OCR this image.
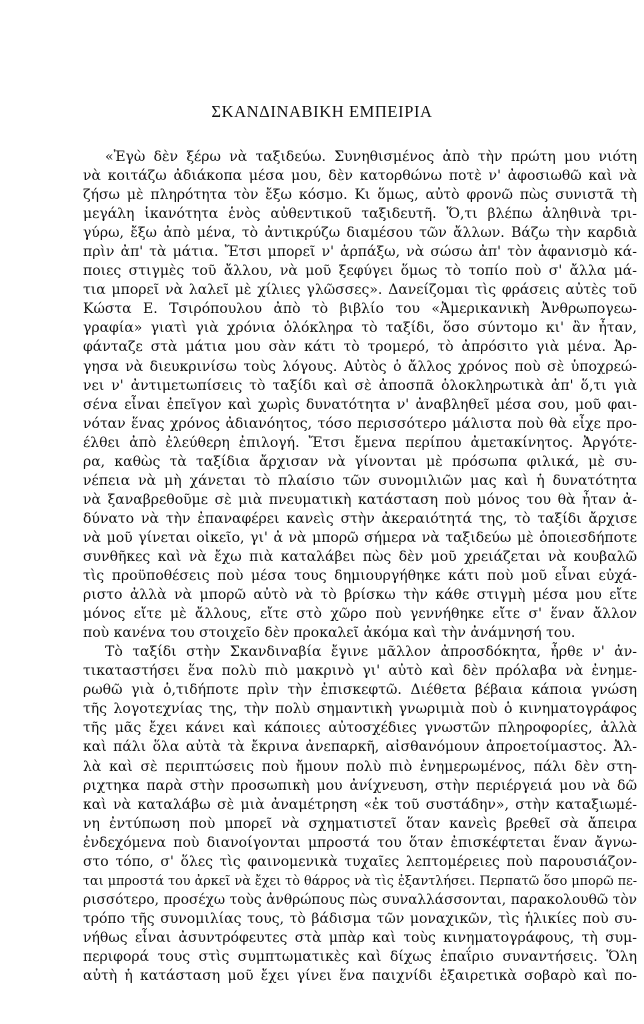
ΣΚΑΝΔΙΝΑΒΙΚΗ ΕΜΠΕΙΡΙΑ
«Ἐγὼ δὲν ξέρω νὰ ταξιδεύω. Συνηθισμένος ἀπὸ τὴν πρώτη μου νιότη
νὰ κοιτάζω ἀδιάκοπα μέσα μου, δὲν κατορθώνω ποτὲ ν' ἀφοσιωθῶ καὶ νὰ
ζήσω μὲ πληρότητα τὸν ἔξω κόσμο. Κι ὅμως, αὐτὸ φρονῶ πὼς συνιστᾶ τὴ
μεγάλη ἱκανότητα ἑνὸς αὐθεντικοῦ ταξιδευτῆ. Ὅ,τι βλέπω ἀληθινὰ τρι-
γύρω, ἔξω ἀπὸ μένα, τὸ ἀντικρύζω διαμέσου τῶν ἄλλων. Βάζω τὴν καρδιὰ
πρὶν ἀπ' τὰ μάτια. Ἔτσι μπορεῖ ν' ἁρπάξω, νὰ σώσω ἀπ' τὸν ἀφανισμὸ κά-
ποιες στιγμὲς τοῦ ἄλλου, νὰ μοῦ ξεφύγει ὅμως τὸ τοπίο ποὺ σ' ἄλλα μά-
τια μπορεῖ νὰ λαλεῖ μὲ χίλιες γλῶσσες». Δανείζομαι τὶς φράσεις αὐτὲς τοῦ
Κώστα Ε. Τσιρόπουλου ἀπὸ τὸ βιβλίο του «Ἀμερικανικὴ Ἀνθρωπογεω-
γραφία» γιατὶ γιὰ χρόνια ὁλόκληρα τὸ ταξίδι, ὅσο σύντομο κι' ἂν ἦταν,
φάνταζε στὰ μάτια μου σὰν κάτι τὸ τρομερό, τὸ ἀπρόσιτο γιὰ μένα. Ἀρ-
γησα νὰ διευκρινίσω τοὺς λόγους. Αὐτὸς ὁ ἄλλος χρόνος ποὺ σὲ ὑποχρεώ-
νει ν' ἀντιμετωπίσεις τὸ ταξίδι καὶ σὲ ἀποσπᾶ ὁλοκληρωτικὰ ἀπ' ὅ,τι γιὰ
σένα εἶναι ἐπεῖγον καὶ χωρὶς δυνατότητα ν' ἀναβληθεῖ μέσα σου, μοῦ φαι-
νόταν ἕνας χρόνος ἀδιανόητος, τόσο περισσότερο μάλιστα ποὺ θὰ εἶχε προ-
έλθει ἀπὸ ἐλεύθερη ἐπιλογή. Ἔτσι ἔμενα περίπου ἀμετακίνητος. Ἀργότε-
ρα, καθὼς τὰ ταξίδια ἄρχισαν νὰ γίνονται μὲ πρόσωπα φιλικά, μὲ συ-
νέπεια νὰ μὴ χάνεται τὸ πλαίσιο τῶν συνομιλιῶν μας καὶ ἡ δυνατότητα
νὰ ξαναβρεθοῦμε σὲ μιὰ πνευματικὴ κατάσταση ποὺ μόνος του θὰ ἦταν ἀ-
δύνατο νὰ τὴν ἐπαναφέρει κανεὶς στὴν ἀκεραιότητά της, τὸ ταξίδι ἄρχισε
νὰ μοῦ γίνεται οἰκεῖο, γι' ἀ νὰ μπορῶ σήμερα νὰ ταξιδεύω μὲ ὁποιεσδήποτε
συνθῆκες καὶ νὰ ἔχω πιὰ καταλάβει πὼς δὲν μοῦ χρειάζεται νὰ κουβαλῶ
τὶς προϋποθέσεις ποὺ μέσα τους δημιουργήθηκε κάτι ποὺ μοῦ εἶναι εὐχά-
ριστο ἀλλὰ νὰ μπορῶ αὐτὸ νὰ τὸ βρίσκω τὴν κάθε στιγμὴ μέσα μου εἴτε
μόνος εἴτε μὲ ἄλλους, εἴτε στὸ χῶρο ποὺ γεννήθηκε εἴτε σ' ἕναν ἄλλον
ποὺ κανένα του στοιχεῖο δὲν προκαλεῖ ἀκόμα καὶ τὴν ἀνάμνησή του.
Τὸ ταξίδι στὴν Σκανδιναβία ἔγινε μᾶλλον ἀπροσδόκητα, ἦρθε ν' ἀν-
τικαταστήσει ἕνα πολὺ πιὸ μακρινὸ γι' αὐτὸ καὶ δὲν πρόλαβα νὰ ἐνημε-
ρωθῶ γιὰ ὁ,τιδήποτε πρὶν τὴν ἐπισκεφτῶ. Διέθετα βέβαια κάποια γνώση
τῆς λογοτεχνίας της, τὴν πολὺ σημαντικὴ γνωριμιὰ ποὺ ὁ κινηματογράφος
τῆς μᾶς ἔχει κάνει καὶ κάποιες αὐτοσχέδιες γνωστῶν πληροφορίες, ἀλλὰ
καὶ πάλι ὅλα αὐτὰ τὰ ἔκρινα ἀνεπαρκῆ, αἰσθανόμουν ἀπροετοίμαστος. Ἀλ-
λὰ καὶ σὲ περιπτώσεις ποὺ ἤμουν πολὺ πιὸ ἐνημερωμένος, πάλι δὲν στη-
ριχτηκα παρὰ στὴν προσωπικὴ μου ἀνίχνευση, στὴν περιέργειά μου νὰ δῶ
καὶ νὰ καταλάβω σὲ μιὰ ἀναμέτρηση «ἐκ τοῦ συστάδην», στὴν καταξιωμέ-
νη ἐντύπωση ποὺ μπορεῖ νὰ σχηματιστεῖ ὅταν κανεὶς βρεθεῖ σὰ ἄπειρα
ἐνδεχόμενα ποὺ διανοίγονται μπροστά του ὅταν ἐπισκέφτεται ἕναν ἄγνω-
στο τόπο, σ' ὅλες τὶς φαινομενικὰ τυχαῖες λεπτομέρειες ποὺ παρουσιάζον-
ται μπροστά του ἀρκεῖ νὰ ἔχει τὸ θάρρος νὰ τὶς ἐξαντλήσει. Περπατῶ ὅσο μπορῶ πε-
ρισσότερο, προσέχω τοὺς ἀνθρώπους πὼς συναλλάσσονται, παρακολουθῶ τὸν
τρόπο τῆς συνομιλίας τους, τὸ βάδισμα τῶν μοναχικῶν, τὶς ἡλικίες ποὺ συ-
νήθως εἶναι ἀσυντρόφευτες στὰ μπὰρ καὶ τοὺς κινηματογράφους, τὴ συμ-
περιφορά τους στὶς συμπτωματικὲς καὶ δίχως ἐπαΐριο συναντήσεις. Ὅλη
αὐτὴ ἡ κατάσταση μοῦ ἔχει γίνει ἕνα παιχνίδι ἐξαιρετικὰ σοβαρὸ καὶ πο-
